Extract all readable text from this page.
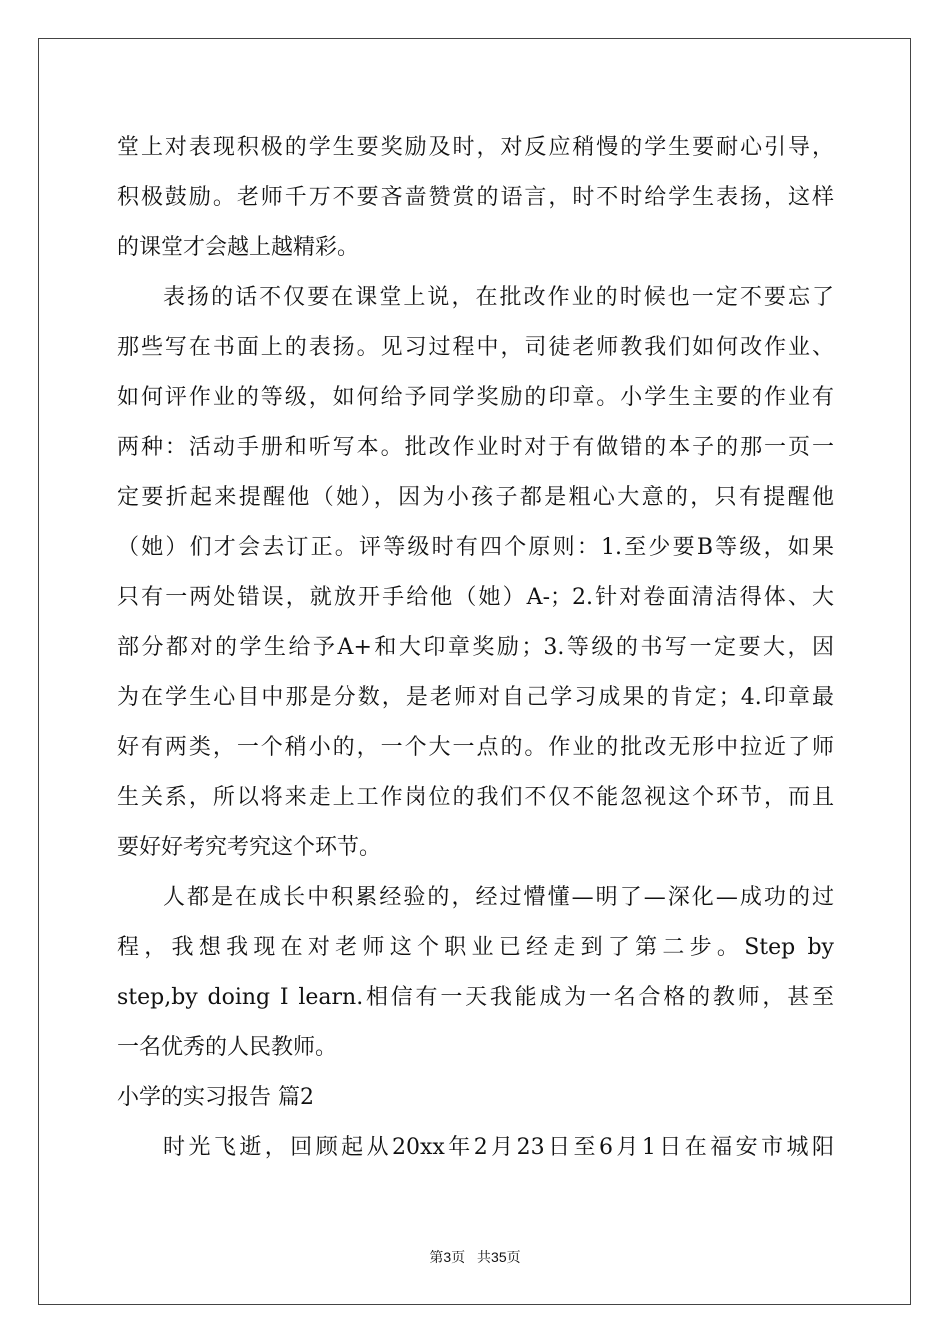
堂上对表现积极的学生要奖励及时，对反应稍慢的学生要耐心引导，
积极鼓励。老师千万不要吝啬赞赏的语言，时不时给学生表扬，这样
的课堂才会越上越精彩。
表扬的话不仅要在课堂上说，在批改作业的时候也一定不要忘了
那些写在书面上的表扬。见习过程中，司徒老师教我们如何改作业、
如何评作业的等级，如何给予同学奖励的印章。小学生主要的作业有
两种：活动手册和听写本。批改作业时对于有做错的本子的那一页一
定要折起来提醒他（她），因为小孩子都是粗心大意的，只有提醒他
（她）们才会去订正。评等级时有四个原则：1.至少要B等级，如果
只有一两处错误，就放开手给他（她）A-；2.针对卷面清洁得体、大
部分都对的学生给予A+和大印章奖励；3.等级的书写一定要大，因
为在学生心目中那是分数，是老师对自己学习成果的肯定；4.印章最
好有两类，一个稍小的，一个大一点的。作业的批改无形中拉近了师
生关系，所以将来走上工作岗位的我们不仅不能忽视这个环节，而且
要好好考究考究这个环节。
人都是在成长中积累经验的，经过懵懂—明了—深化—成功的过
程，我想我现在对老师这个职业已经走到了第二步。Step by
step,by doing I learn.相信有一天我能成为一名合格的教师，甚至
一名优秀的人民教师。
小学的实习报告 篇2
时光飞逝，回顾起从20xx年2月23日至6月1日在福安市城阳
第3页 共35页
